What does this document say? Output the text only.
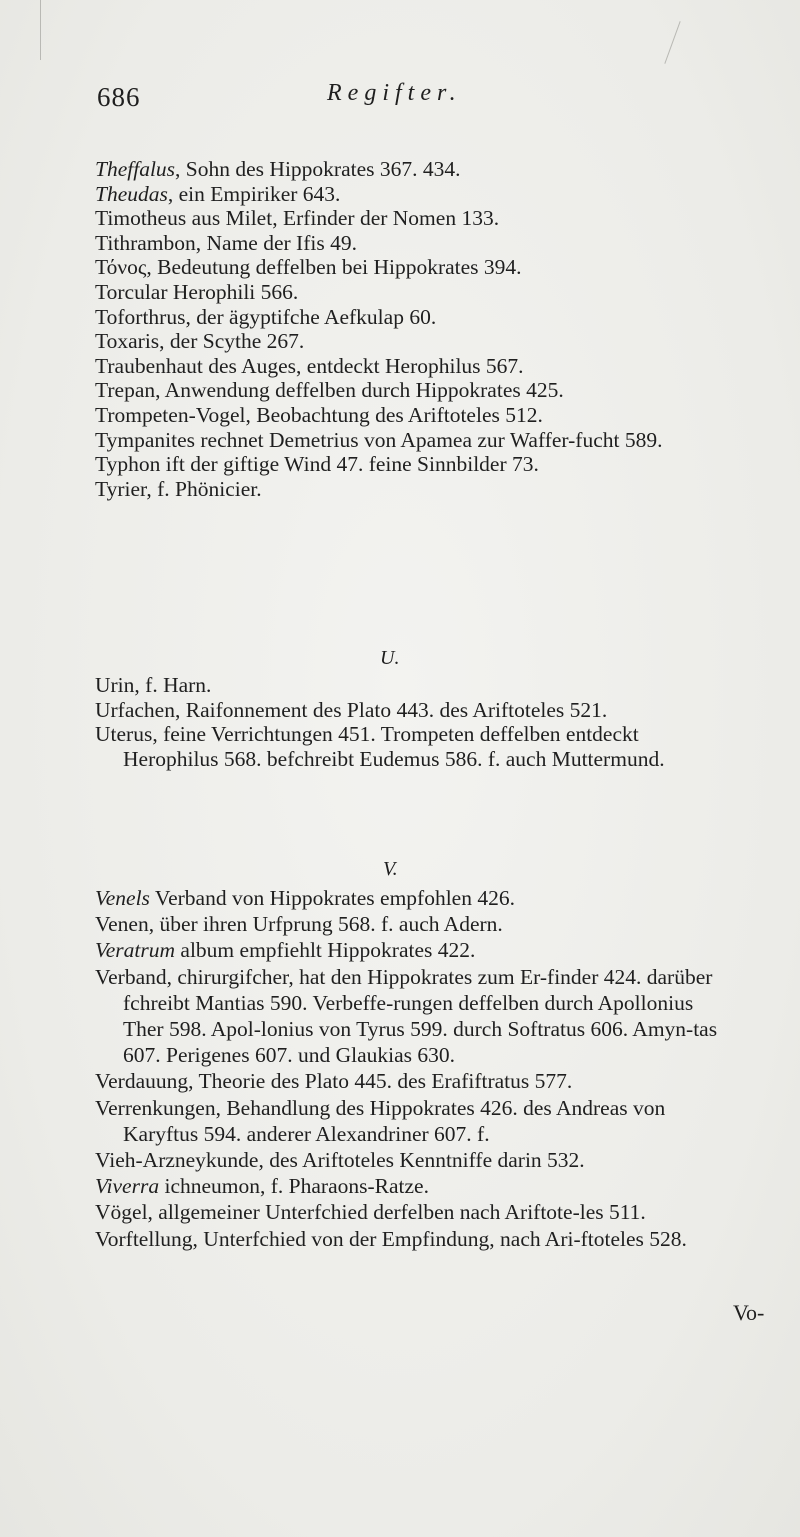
686	Regifter.

Theffalus, Sohn des Hippokrates 367. 434.

Theudas, ein Empiriker 643.

Timotheus aus Milet, Erfinder der Nomen 133.

Tithrambon, Name der Ifis 49.

Τόνος, Bedeutung deffelben bei Hippokrates 394.

Torcular Herophili 566.

Toforthrus, der ägyptifche Aefkulap 60.

Toxaris, der Scythe 267.

Traubenhaut des Auges, entdeckt Herophilus 567.

Trepan, Anwendung deffelben durch Hippokrates 425.

Trompeten-Vogel, Beobachtung des Ariftoteles 512.

Tympanites rechnet Demetrius von Apamea zur Waffer-fucht 589.

Typhon ift der giftige Wind 47. feine Sinnbilder 73.

Tyrier, f. Phönicier.

U.

Urin, f. Harn.

Urfachen, Raifonnement des Plato 443. des Ariftoteles 521.

Uterus, feine Verrichtungen 451. Trompeten deffelben entdeckt Herophilus 568. befchreibt Eudemus 586. f. auch Muttermund.

V.

Venels Verband von Hippokrates empfohlen 426.

Venen, über ihren Urfprung 568. f. auch Adern.

Veratrum album empfiehlt Hippokrates 422.

Verband, chirurgifcher, hat den Hippokrates zum Er-finder 424. darüber fchreibt Mantias 590. Verbeffe-rungen deffelben durch Apollonius Ther 598. Apol-lonius von Tyrus 599. durch Softratus 606. Amyn-tas 607. Perigenes 607. und Glaukias 630.

Verdauung, Theorie des Plato 445. des Erafiftratus 577.

Verrenkungen, Behandlung des Hippokrates 426. des Andreas von Karyftus 594. anderer Alexandriner 607. f.

Vieh-Arzneykunde, des Ariftoteles Kenntniffe darin 532.

Viverra ichneumon, f. Pharaons-Ratze.

Vögel, allgemeiner Unterfchied derfelben nach Ariftote-les 511.

Vorftellung, Unterfchied von der Empfindung, nach Ari-ftoteles 528.

Vo-
